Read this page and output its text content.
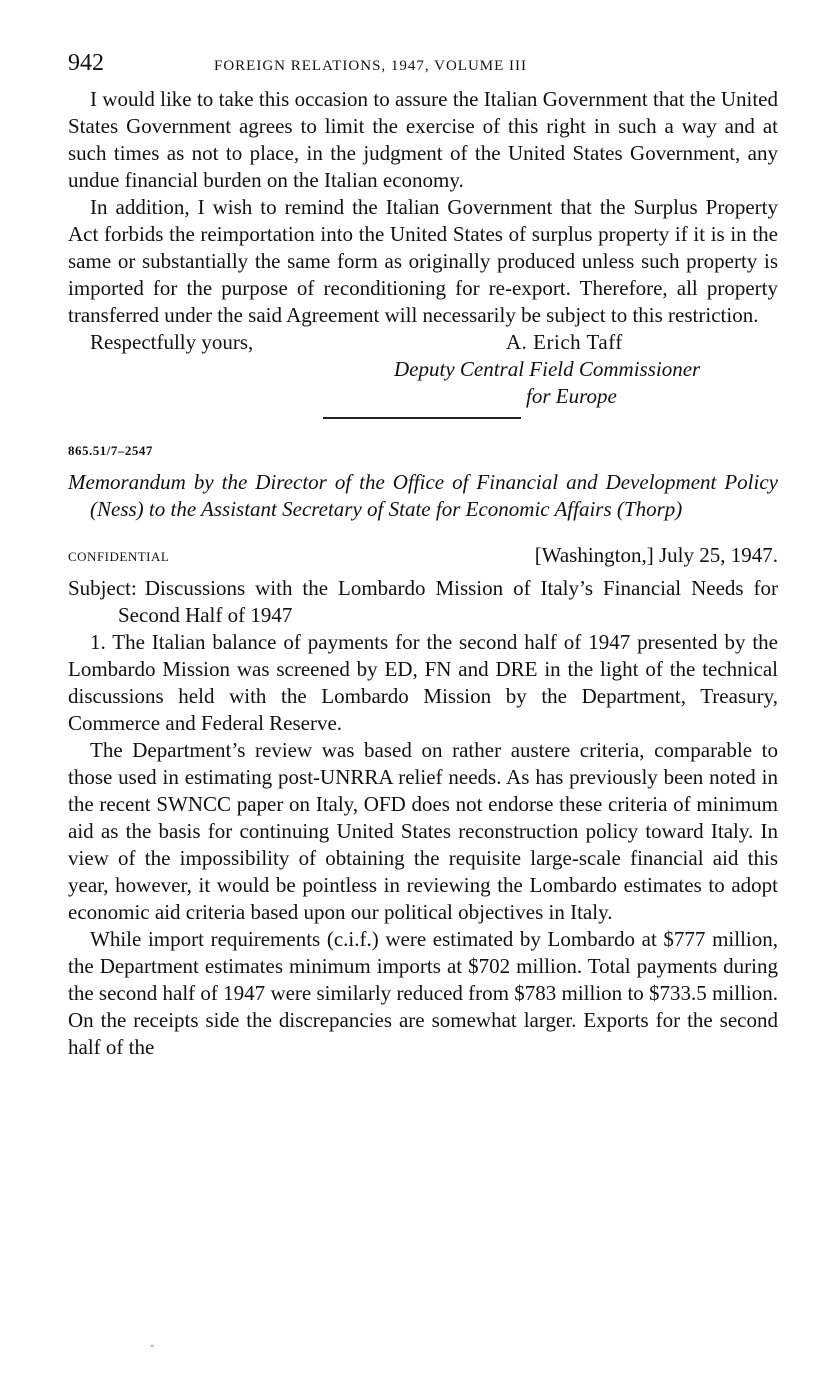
942	FOREIGN RELATIONS, 1947, VOLUME III

I would like to take this occasion to assure the Italian Government that the United States Government agrees to limit the exercise of this right in such a way and at such times as not to place, in the judgment of the United States Government, any undue financial burden on the Italian economy.

In addition, I wish to remind the Italian Government that the Surplus Property Act forbids the reimportation into the United States of surplus property if it is in the same or substantially the same form as originally produced unless such property is imported for the purpose of reconditioning for re-export. Therefore, all property transferred under the said Agreement will necessarily be subject to this restriction.

Respectfully yours,	A. Erich Taff
Deputy Central Field Commissioner
for Europe
865.51/7–2547
Memorandum by the Director of the Office of Financial and Development Policy (Ness) to the Assistant Secretary of State for Economic Affairs (Thorp)
CONFIDENTIAL	[Washington,] July 25, 1947.

Subject: Discussions with the Lombardo Mission of Italy’s Financial Needs for Second Half of 1947

1. The Italian balance of payments for the second half of 1947 presented by the Lombardo Mission was screened by ED, FN and DRE in the light of the technical discussions held with the Lombardo Mission by the Department, Treasury, Commerce and Federal Reserve.

The Department’s review was based on rather austere criteria, comparable to those used in estimating post-UNRRA relief needs. As has previously been noted in the recent SWNCC paper on Italy, OFD does not endorse these criteria of minimum aid as the basis for continuing United States reconstruction policy toward Italy. In view of the impossibility of obtaining the requisite large-scale financial aid this year, however, it would be pointless in reviewing the Lombardo estimates to adopt economic aid criteria based upon our political objectives in Italy.

While import requirements (c.i.f.) were estimated by Lombardo at $777 million, the Department estimates minimum imports at $702 million. Total payments during the second half of 1947 were similarly reduced from $783 million to $733.5 million. On the receipts side the discrepancies are somewhat larger. Exports for the second half of the

‸
